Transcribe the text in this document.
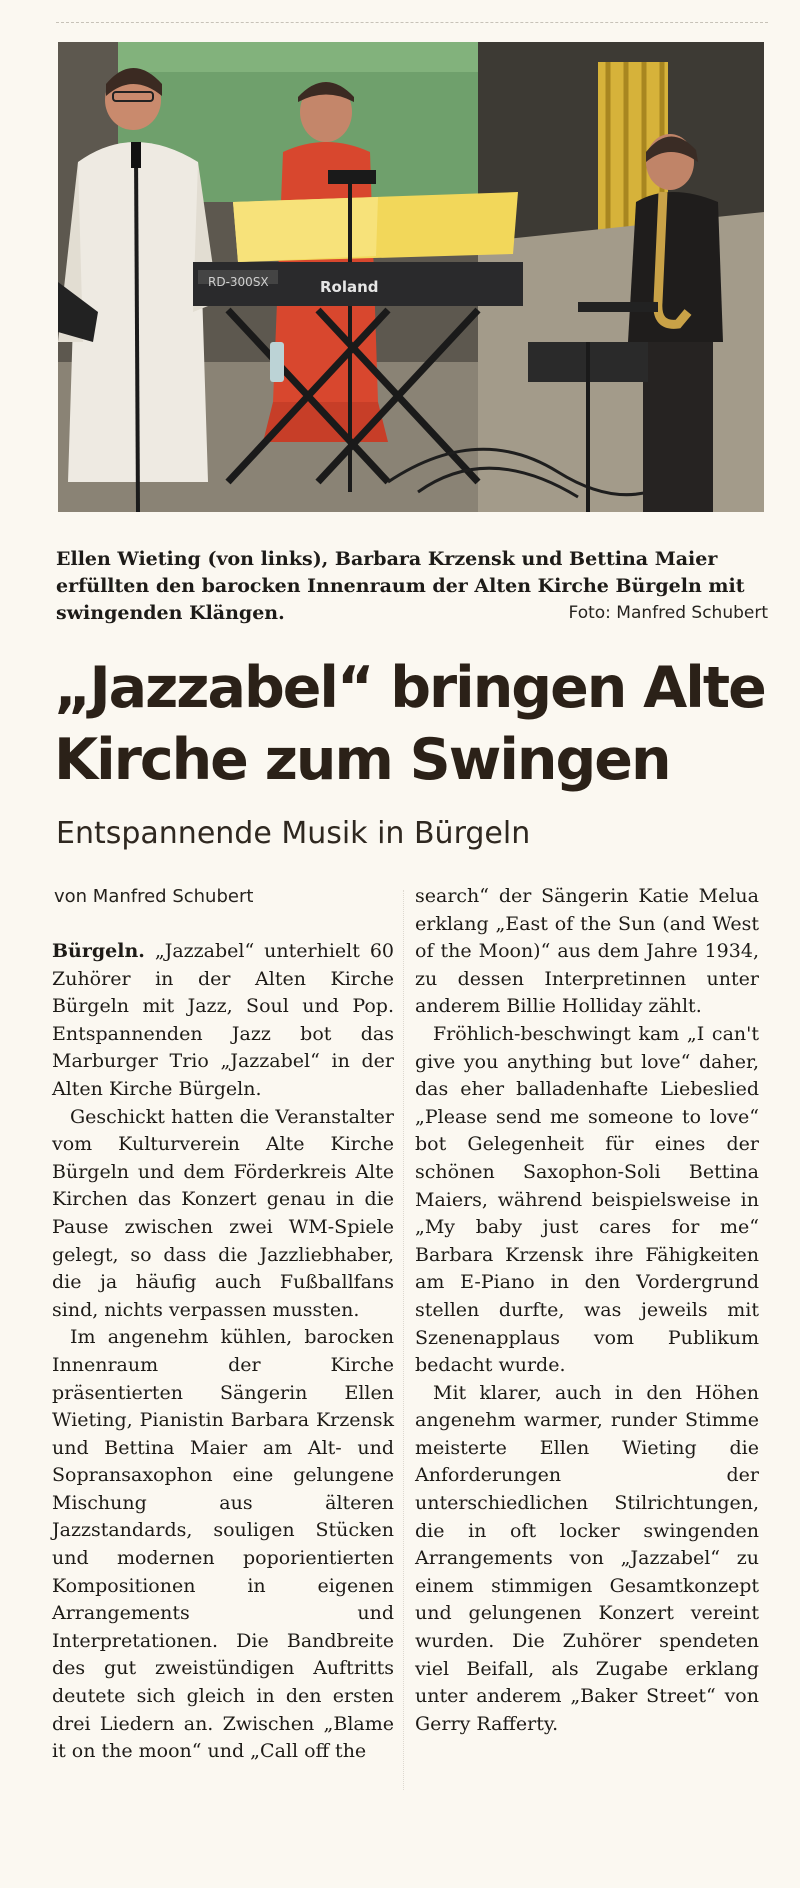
RD-300SX	Roland
Ellen Wieting (von links), Barbara Krzensk und Bettina Maier erfüllten den barocken Innenraum der Alten Kirche Bürgeln mit swingenden Klängen.	Foto: Manfred Schubert
„Jazzabel“ bringen Alte Kirche zum Swingen
Entspannende Musik in Bürgeln
von Manfred Schubert

Bürgeln. „Jazzabel“ unterhielt 60 Zuhörer in der Alten Kirche Bürgeln mit Jazz, Soul und Pop. Entspannenden Jazz bot das Marburger Trio „Jazzabel“ in der Alten Kirche Bürgeln.

Geschickt hatten die Veranstalter vom Kulturverein Alte Kirche Bürgeln und dem Förderkreis Alte Kirchen das Konzert genau in die Pause zwischen zwei WM-Spiele gelegt, so dass die Jazzliebhaber, die ja häufig auch Fußballfans sind, nichts verpassen mussten.

Im angenehm kühlen, barocken Innenraum der Kirche präsentierten Sängerin Ellen Wieting, Pianistin Barbara Krzensk und Bettina Maier am Alt- und Sopransaxophon eine gelungene Mischung aus älteren Jazzstandards, souligen Stücken und modernen poporientierten Kompositionen in eigenen Arrangements und Interpretationen. Die Bandbreite des gut zweistündigen Auftritts deutete sich gleich in den ersten drei Liedern an. Zwischen „Blame it on the moon“ und „Call off the

search“ der Sängerin Katie Melua erklang „East of the Sun (and West of the Moon)“ aus dem Jahre 1934, zu dessen Interpretinnen unter anderem Billie Holliday zählt.

Fröhlich-beschwingt kam „I can't give you anything but love“ daher, das eher balladenhafte Liebeslied „Please send me someone to love“ bot Gelegenheit für eines der schönen Saxophon-Soli Bettina Maiers, während beispielsweise in „My baby just cares for me“ Barbara Krzensk ihre Fähigkeiten am E-Piano in den Vordergrund stellen durfte, was jeweils mit Szenenapplaus vom Publikum bedacht wurde.

Mit klarer, auch in den Höhen angenehm warmer, runder Stimme meisterte Ellen Wieting die Anforderungen der unterschiedlichen Stilrichtungen, die in oft locker swingenden Arrangements von „Jazzabel“ zu einem stimmigen Gesamtkonzept und gelungenen Konzert vereint wurden. Die Zuhörer spendeten viel Beifall, als Zugabe erklang unter anderem „Baker Street“ von Gerry Rafferty.
